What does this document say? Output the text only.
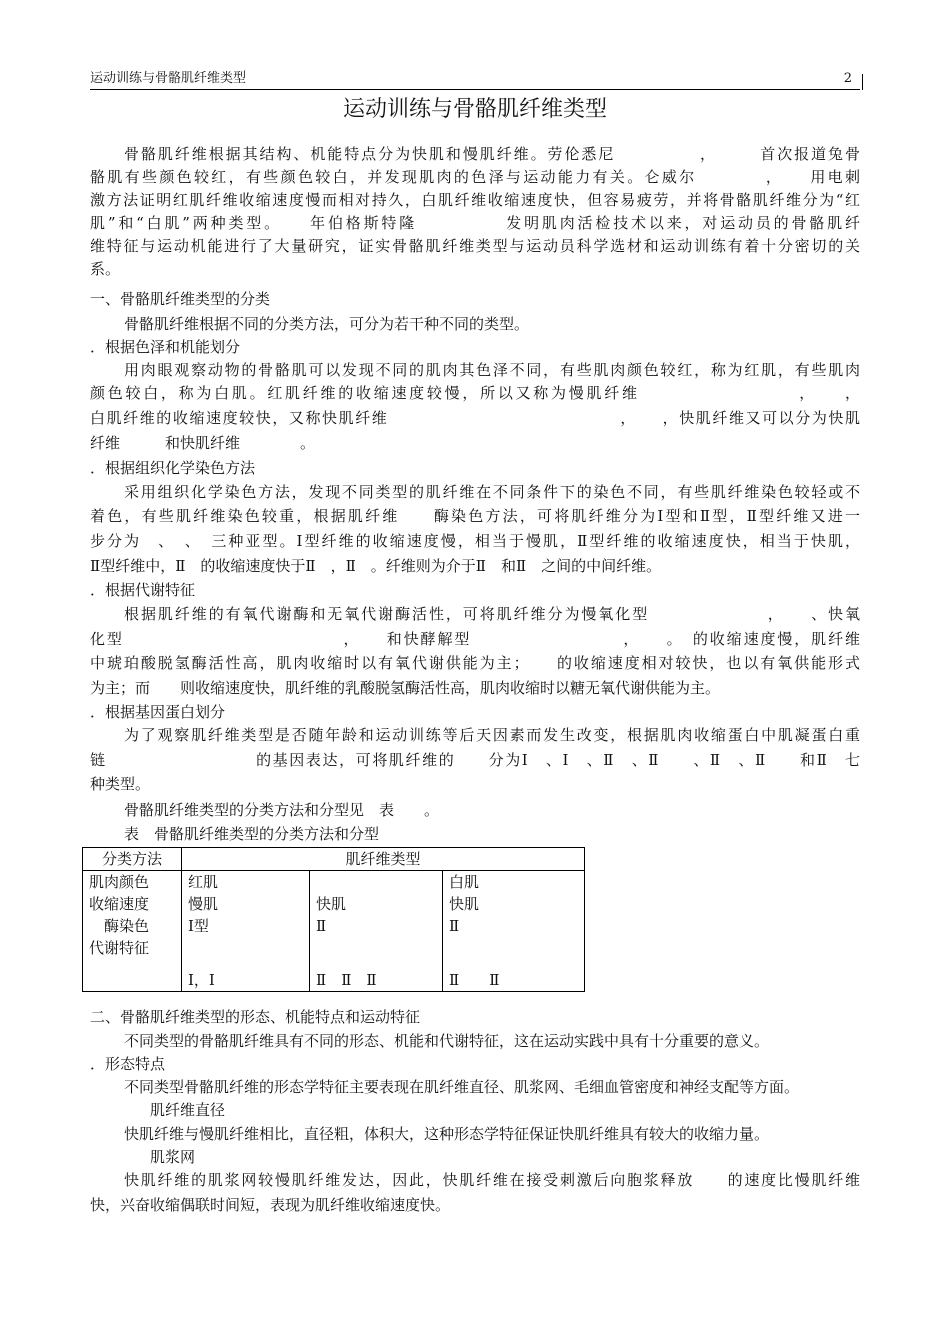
运动训练与骨骼肌纤维类型	2
运动训练与骨骼肌纤维类型
骨骼肌纤维根据其结构、机能特点分为快肌和慢肌纤维。劳伦悉尼　　　　　，　　　首次报道兔骨
骼肌有些颜色较红，有些颜色较白，并发现肌肉的色泽与运动能力有关。仑威尔　　　　，　　用电刺
激方法证明红肌纤维收缩速度慢而相对持久，白肌纤维收缩速度快，但容易疲劳，并将骨骼肌纤维分为“红
肌”和“白肌”两种类型。　　年伯格斯特隆　　　　　发明肌肉活检技术以来，对运动员的骨骼肌纤
维特征与运动机能进行了大量研究，证实骨骼肌纤维类型与运动员科学选材和运动训练有着十分密切的关
系。
一、骨骼肌纤维类型的分类
骨骼肌纤维根据不同的分类方法，可分为若干种不同的类型。
．根据色泽和机能划分
用肉眼观察动物的骨骼肌可以发现不同的肌肉其色泽不同，有些肌肉颜色较红，称为红肌，有些肌肉
颜色较白，称为白肌。红肌纤维的收缩速度较慢，所以又称为慢肌纤维　　　　　　　　　，　　，
白肌纤维的收缩速度较快，又称快肌纤维　　　　　　　　　　　　　　，　　，快肌纤维又可以分为快肌
纤维　　　和快肌纤维　　　　。
．根据组织化学染色方法
采用组织化学染色方法，发现不同类型的肌纤维在不同条件下的染色不同，有些肌纤维染色较轻或不
着色，有些肌纤维染色较重，根据肌纤维　　酶染色方法，可将肌纤维分为Ⅰ型和Ⅱ型，Ⅱ型纤维又进一
步分为　、　、　三种亚型。Ⅰ型纤维的收缩速度慢，相当于慢肌，Ⅱ型纤维的收缩速度快，相当于快肌，
Ⅱ型纤维中，Ⅱ　的收缩速度快于Ⅱ　，Ⅱ　。纤维则为介于Ⅱ　和Ⅱ　之间的中间纤维。
．根据代谢特征
根据肌纤维的有氧代谢酶和无氧代谢酶活性，可将肌纤维分为慢氧化型　　　　　　　，　　、快氧
化型　　　　　　　　　　　　　，　　和快酵解型　　　　　　　　　，　　。　的收缩速度慢，肌纤维
中琥珀酸脱氢酶活性高，肌肉收缩时以有氧代谢供能为主；　　的收缩速度相对较快，也以有氧供能形式
为主；而　　则收缩速度快，肌纤维的乳酸脱氢酶活性高，肌肉收缩时以糖无氧代谢供能为主。
．根据基因蛋白划分
为了观察肌纤维类型是否随年龄和运动训练等后天因素而发生改变，根据肌肉收缩蛋白中肌凝蛋白重
链　　　　　　　　　的基因表达，可将肌纤维的　　分为Ⅰ　、Ⅰ　、Ⅱ　、Ⅱ　　、Ⅱ　、Ⅱ　　和Ⅱ　七
种类型。
骨骼肌纤维类型的分类方法和分型见　表　　。
表　骨骼肌纤维类型的分类方法和分型
分类方法	肌纤维类型		
肌肉颜色	红肌		白肌
收缩速度	慢肌	快肌	快肌
　酶染色	Ⅰ型	Ⅱ	Ⅱ
代谢特征			
	Ⅰ，Ⅰ	Ⅱ　Ⅱ　Ⅱ	Ⅱ　　Ⅱ
二、骨骼肌纤维类型的形态、机能特点和运动特征
不同类型的骨骼肌纤维具有不同的形态、机能和代谢特征，这在运动实践中具有十分重要的意义。
．形态特点
不同类型骨骼肌纤维的形态学特征主要表现在肌纤维直径、肌浆网、毛细血管密度和神经支配等方面。
肌纤维直径
快肌纤维与慢肌纤维相比，直径粗，体积大，这种形态学特征保证快肌纤维具有较大的收缩力量。
肌浆网
快肌纤维的肌浆网较慢肌纤维发达，因此，快肌纤维在接受刺激后向胞浆释放　　的速度比慢肌纤维
快，兴奋收缩偶联时间短，表现为肌纤维收缩速度快。
